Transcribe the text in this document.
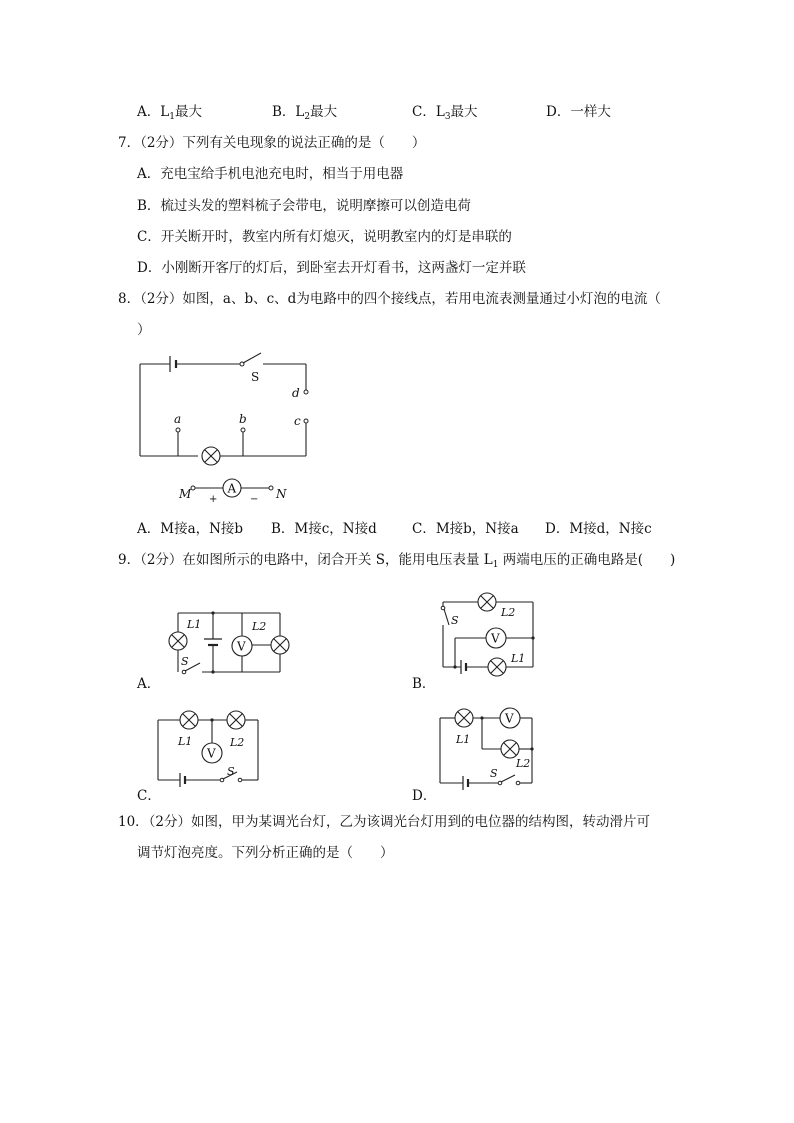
A．$L_1$最大	B．$L_2$最大	C．$L_3$最大	D．一样大
7．（2分）下列有关电现象的说法正确的是（　　）
A．充电宝给手机电池充电时，相当于用电器
B．梳过头发的塑料梳子会带电，说明摩擦可以创造电荷
C．开关断开时，教室内所有灯熄灭，说明教室内的灯是串联的
D．小刚断开客厅的灯后，到卧室去开灯看书，这两盏灯一定并联
8．（2分）如图，a、b、c、d为电路中的四个接线点，若用电流表测量通过小灯泡的电流（
）
S
d
a	b	c
M	A	N
+	−
A．M接a，N接b B．M接c，N接d	C．M接b，N接a D．M接d，N接c
9．（2分）在如图所示的电路中，闭合开关 S，能用电压表量 $L_1$ 两端电压的正确电路是(　　)
V
L1	L2
S
A．
S
L2
V
L1
B．
V
L1	L2
S
C．
V
L1
L2
S
D．
10．（2分）如图，甲为某调光台灯，乙为该调光台灯用到的电位器的结构图，转动滑片可
调节灯泡亮度。下列分析正确的是（　　）
